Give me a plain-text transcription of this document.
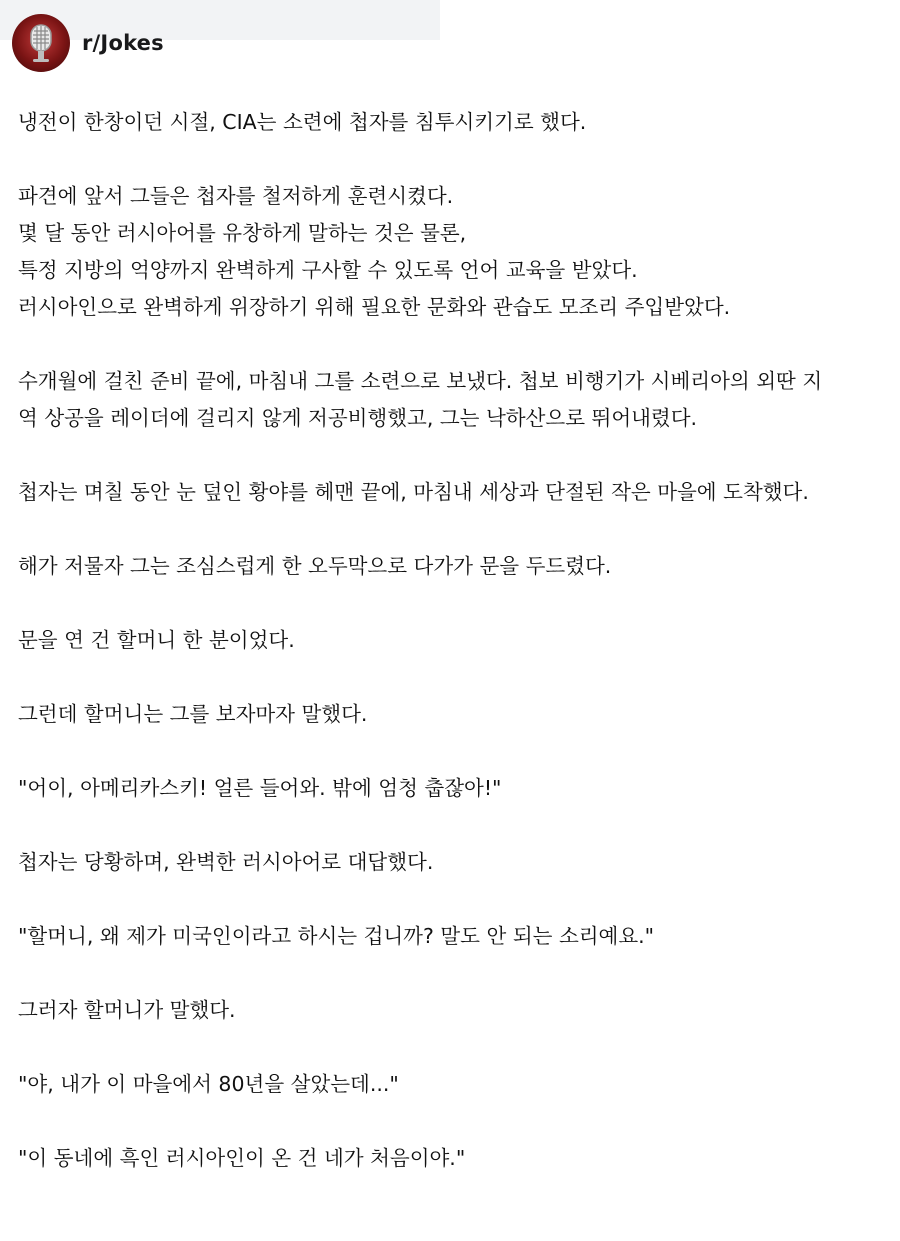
r/Jokes

냉전이 한창이던 시절, CIA는 소련에 첩자를 침투시키기로 했다.

파견에 앞서 그들은 첩자를 철저하게 훈련시켰다.
몇 달 동안 러시아어를 유창하게 말하는 것은 물론,
특정 지방의 억양까지 완벽하게 구사할 수 있도록 언어 교육을 받았다.
러시아인으로 완벽하게 위장하기 위해 필요한 문화와 관습도 모조리 주입받았다.

수개월에 걸친 준비 끝에, 마침내 그를 소련으로 보냈다. 첩보 비행기가 시베리아의 외딴 지
역 상공을 레이더에 걸리지 않게 저공비행했고, 그는 낙하산으로 뛰어내렸다.

첩자는 며칠 동안 눈 덮인 황야를 헤맨 끝에, 마침내 세상과 단절된 작은 마을에 도착했다.

해가 저물자 그는 조심스럽게 한 오두막으로 다가가 문을 두드렸다.

문을 연 건 할머니 한 분이었다.

그런데 할머니는 그를 보자마자 말했다.

"어이, 아메리카스키! 얼른 들어와. 밖에 엄청 춥잖아!"

첩자는 당황하며, 완벽한 러시아어로 대답했다.

"할머니, 왜 제가 미국인이라고 하시는 겁니까? 말도 안 되는 소리예요."

그러자 할머니가 말했다.

"야, 내가 이 마을에서 80년을 살았는데..."

"이 동네에 흑인 러시아인이 온 건 네가 처음이야."
